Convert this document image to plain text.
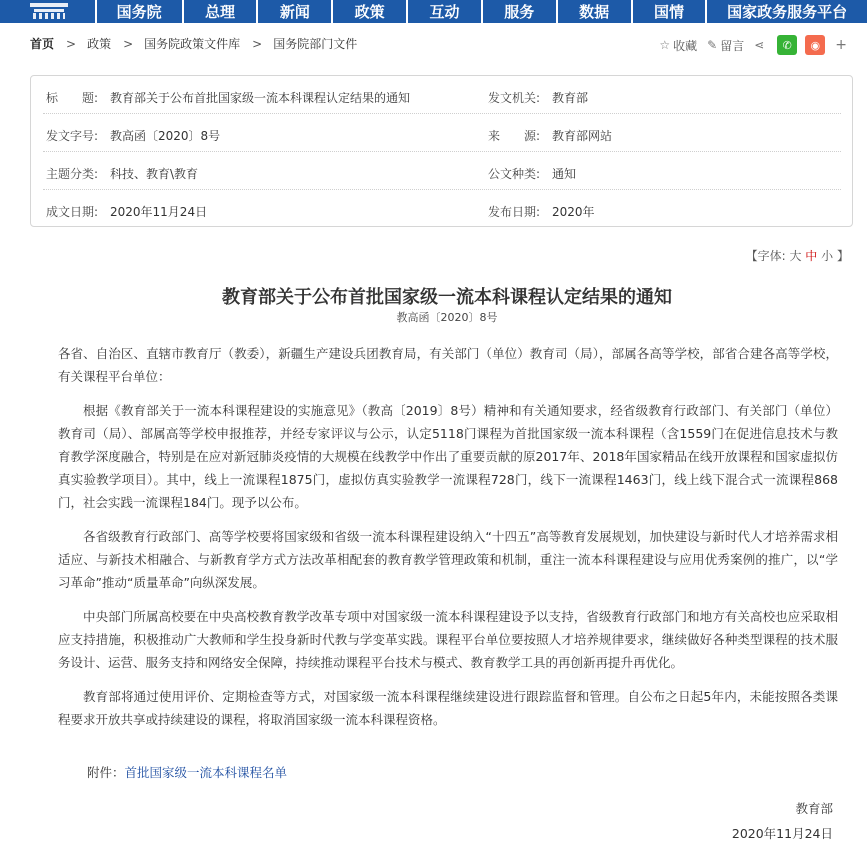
国务院	总理	新闻	政策	互动	服务	数据	国情	国家政务服务平台
首页 > 政策 > 国务院政策文件库 > 国务院部门文件	☆ 收藏 ✎ 留言 ⋖	✆	◉	+
标　　题: 教育部关于公布首批国家级一流本科课程认定结果的通知	发文机关: 教育部
发文字号: 教高函〔2020〕8号	来　　源: 教育部网站
主题分类: 科技、教育\教育	公文种类: 通知
成文日期: 2020年11月24日	发布日期: 2020年
【字体: 大 中 小 】
教育部关于公布首批国家级一流本科课程认定结果的通知
教高函〔2020〕8号

各省、自治区、直辖市教育厅（教委），新疆生产建设兵团教育局，有关部门（单位）教育司（局），部属各高等学校，部省合建各高等学校，有关课程平台单位：

根据《教育部关于一流本科课程建设的实施意见》（教高〔2019〕8号）精神和有关通知要求，经省级教育行政部门、有关部门（单位）教育司（局）、部属高等学校申报推荐，并经专家评议与公示，认定5118门课程为首批国家级一流本科课程（含1559门在促进信息技术与教育教学深度融合，特别是在应对新冠肺炎疫情的大规模在线教学中作出了重要贡献的原2017年、2018年国家精品在线开放课程和国家虚拟仿真实验教学项目）。其中，线上一流课程1875门，虚拟仿真实验教学一流课程728门，线下一流课程1463门，线上线下混合式一流课程868门，社会实践一流课程184门。现予以公布。

各省级教育行政部门、高等学校要将国家级和省级一流本科课程建设纳入“十四五”高等教育发展规划，加快建设与新时代人才培养需求相适应、与新技术相融合、与新教育学方式方法改革相配套的教育教学管理政策和机制，重注一流本科课程建设与应用优秀案例的推广，以“学习革命”推动“质量革命”向纵深发展。

中央部门所属高校要在中央高校教育教学改革专项中对国家级一流本科课程建设予以支持，省级教育行政部门和地方有关高校也应采取相应支持措施，积极推动广大教师和学生投身新时代教与学变革实践。课程平台单位要按照人才培养规律要求，继续做好各种类型课程的技术服务设计、运营、服务支持和网络安全保障，持续推动课程平台技术与模式、教育教学工具的再创新再提升再优化。

教育部将通过使用评价、定期检查等方式，对国家级一流本科课程继续建设进行跟踪监督和管理。自公布之日起5年内，未能按照各类课程要求开放共享或持续建设的课程，将取消国家级一流本科课程资格。

附件：首批国家级一流本科课程名单
教育部
2020年11月24日
